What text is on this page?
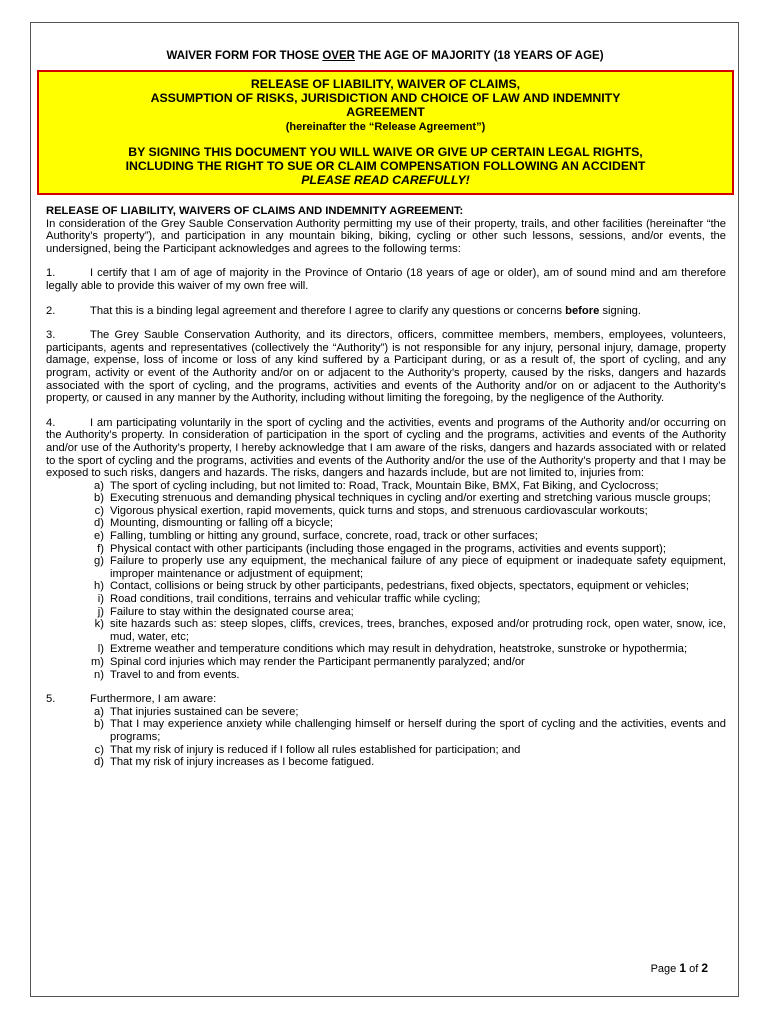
WAIVER FORM FOR THOSE OVER THE AGE OF MAJORITY (18 YEARS OF AGE)
RELEASE OF LIABILITY, WAIVER OF CLAIMS,
ASSUMPTION OF RISKS, JURISDICTION AND CHOICE OF LAW AND INDEMNITY
AGREEMENT
(hereinafter the “Release Agreement”)
BY SIGNING THIS DOCUMENT YOU WILL WAIVE OR GIVE UP CERTAIN LEGAL RIGHTS,
INCLUDING THE RIGHT TO SUE OR CLAIM COMPENSATION FOLLOWING AN ACCIDENT
PLEASE READ CAREFULLY!

RELEASE OF LIABILITY, WAIVERS OF CLAIMS AND INDEMNITY AGREEMENT:

In consideration of the Grey Sauble Conservation Authority permitting my use of their property, trails, and other facilities (hereinafter “the Authority’s property”), and participation in any mountain biking, biking, cycling or other such lessons, sessions, and/or events, the undersigned, being the Participant acknowledges and agrees to the following terms:

1.	I certify that I am of age of majority in the Province of Ontario (18 years of age or older), am of sound mind and am therefore legally able to provide this waiver of my own free will.

2.	That this is a binding legal agreement and therefore I agree to clarify any questions or concerns before signing.

3.	The Grey Sauble Conservation Authority, and its directors, officers, committee members, members, employees, volunteers, participants, agents and representatives (collectively the “Authority”) is not responsible for any injury, personal injury, damage, property damage, expense, loss of income or loss of any kind suffered by a Participant during, or as a result of, the sport of cycling, and any program, activity or event of the Authority and/or on or adjacent to the Authority’s property, caused by the risks, dangers and hazards associated with the sport of cycling, and the programs, activities and events of the Authority and/or on or adjacent to the Authority’s property, or caused in any manner by the Authority, including without limiting the foregoing, by the negligence of the Authority.

4.	I am participating voluntarily in the sport of cycling and the activities, events and programs of the Authority and/or occurring on the Authority’s property. In consideration of participation in the sport of cycling and the programs, activities and events of the Authority and/or use of the Authority’s property, I hereby acknowledge that I am aware of the risks, dangers and hazards associated with or related to the sport of cycling and the programs, activities and events of the Authority and/or the use of the Authority’s property and that I may be exposed to such risks, dangers and hazards. The risks, dangers and hazards include, but are not limited to, injuries from:

a) The sport of cycling including, but not limited to: Road, Track, Mountain Bike, BMX, Fat Biking, and Cyclocross;
b) Executing strenuous and demanding physical techniques in cycling and/or exerting and stretching various muscle groups;
c) Vigorous physical exertion, rapid movements, quick turns and stops, and strenuous cardiovascular workouts;
d) Mounting, dismounting or falling off a bicycle;
e) Falling, tumbling or hitting any ground, surface, concrete, road, track or other surfaces;
f) Physical contact with other participants (including those engaged in the programs, activities and events support);
g) Failure to properly use any equipment, the mechanical failure of any piece of equipment or inadequate safety equipment, improper maintenance or adjustment of equipment;
h) Contact, collisions or being struck by other participants, pedestrians, fixed objects, spectators, equipment or vehicles;
i) Road conditions, trail conditions, terrains and vehicular traffic while cycling;
j) Failure to stay within the designated course area;
k) site hazards such as: steep slopes, cliffs, crevices, trees, branches, exposed and/or protruding rock, open water, snow, ice, mud, water, etc;
l) Extreme weather and temperature conditions which may result in dehydration, heatstroke, sunstroke or hypothermia;
m) Spinal cord injuries which may render the Participant permanently paralyzed; and/or
n) Travel to and from events.
5.	Furthermore, I am aware:
a) That injuries sustained can be severe;
b) That I may experience anxiety while challenging himself or herself during the sport of cycling and the activities, events and programs;
c) That my risk of injury is reduced if I follow all rules established for participation; and
d) That my risk of injury increases as I become fatigued.
Page 1 of 2
